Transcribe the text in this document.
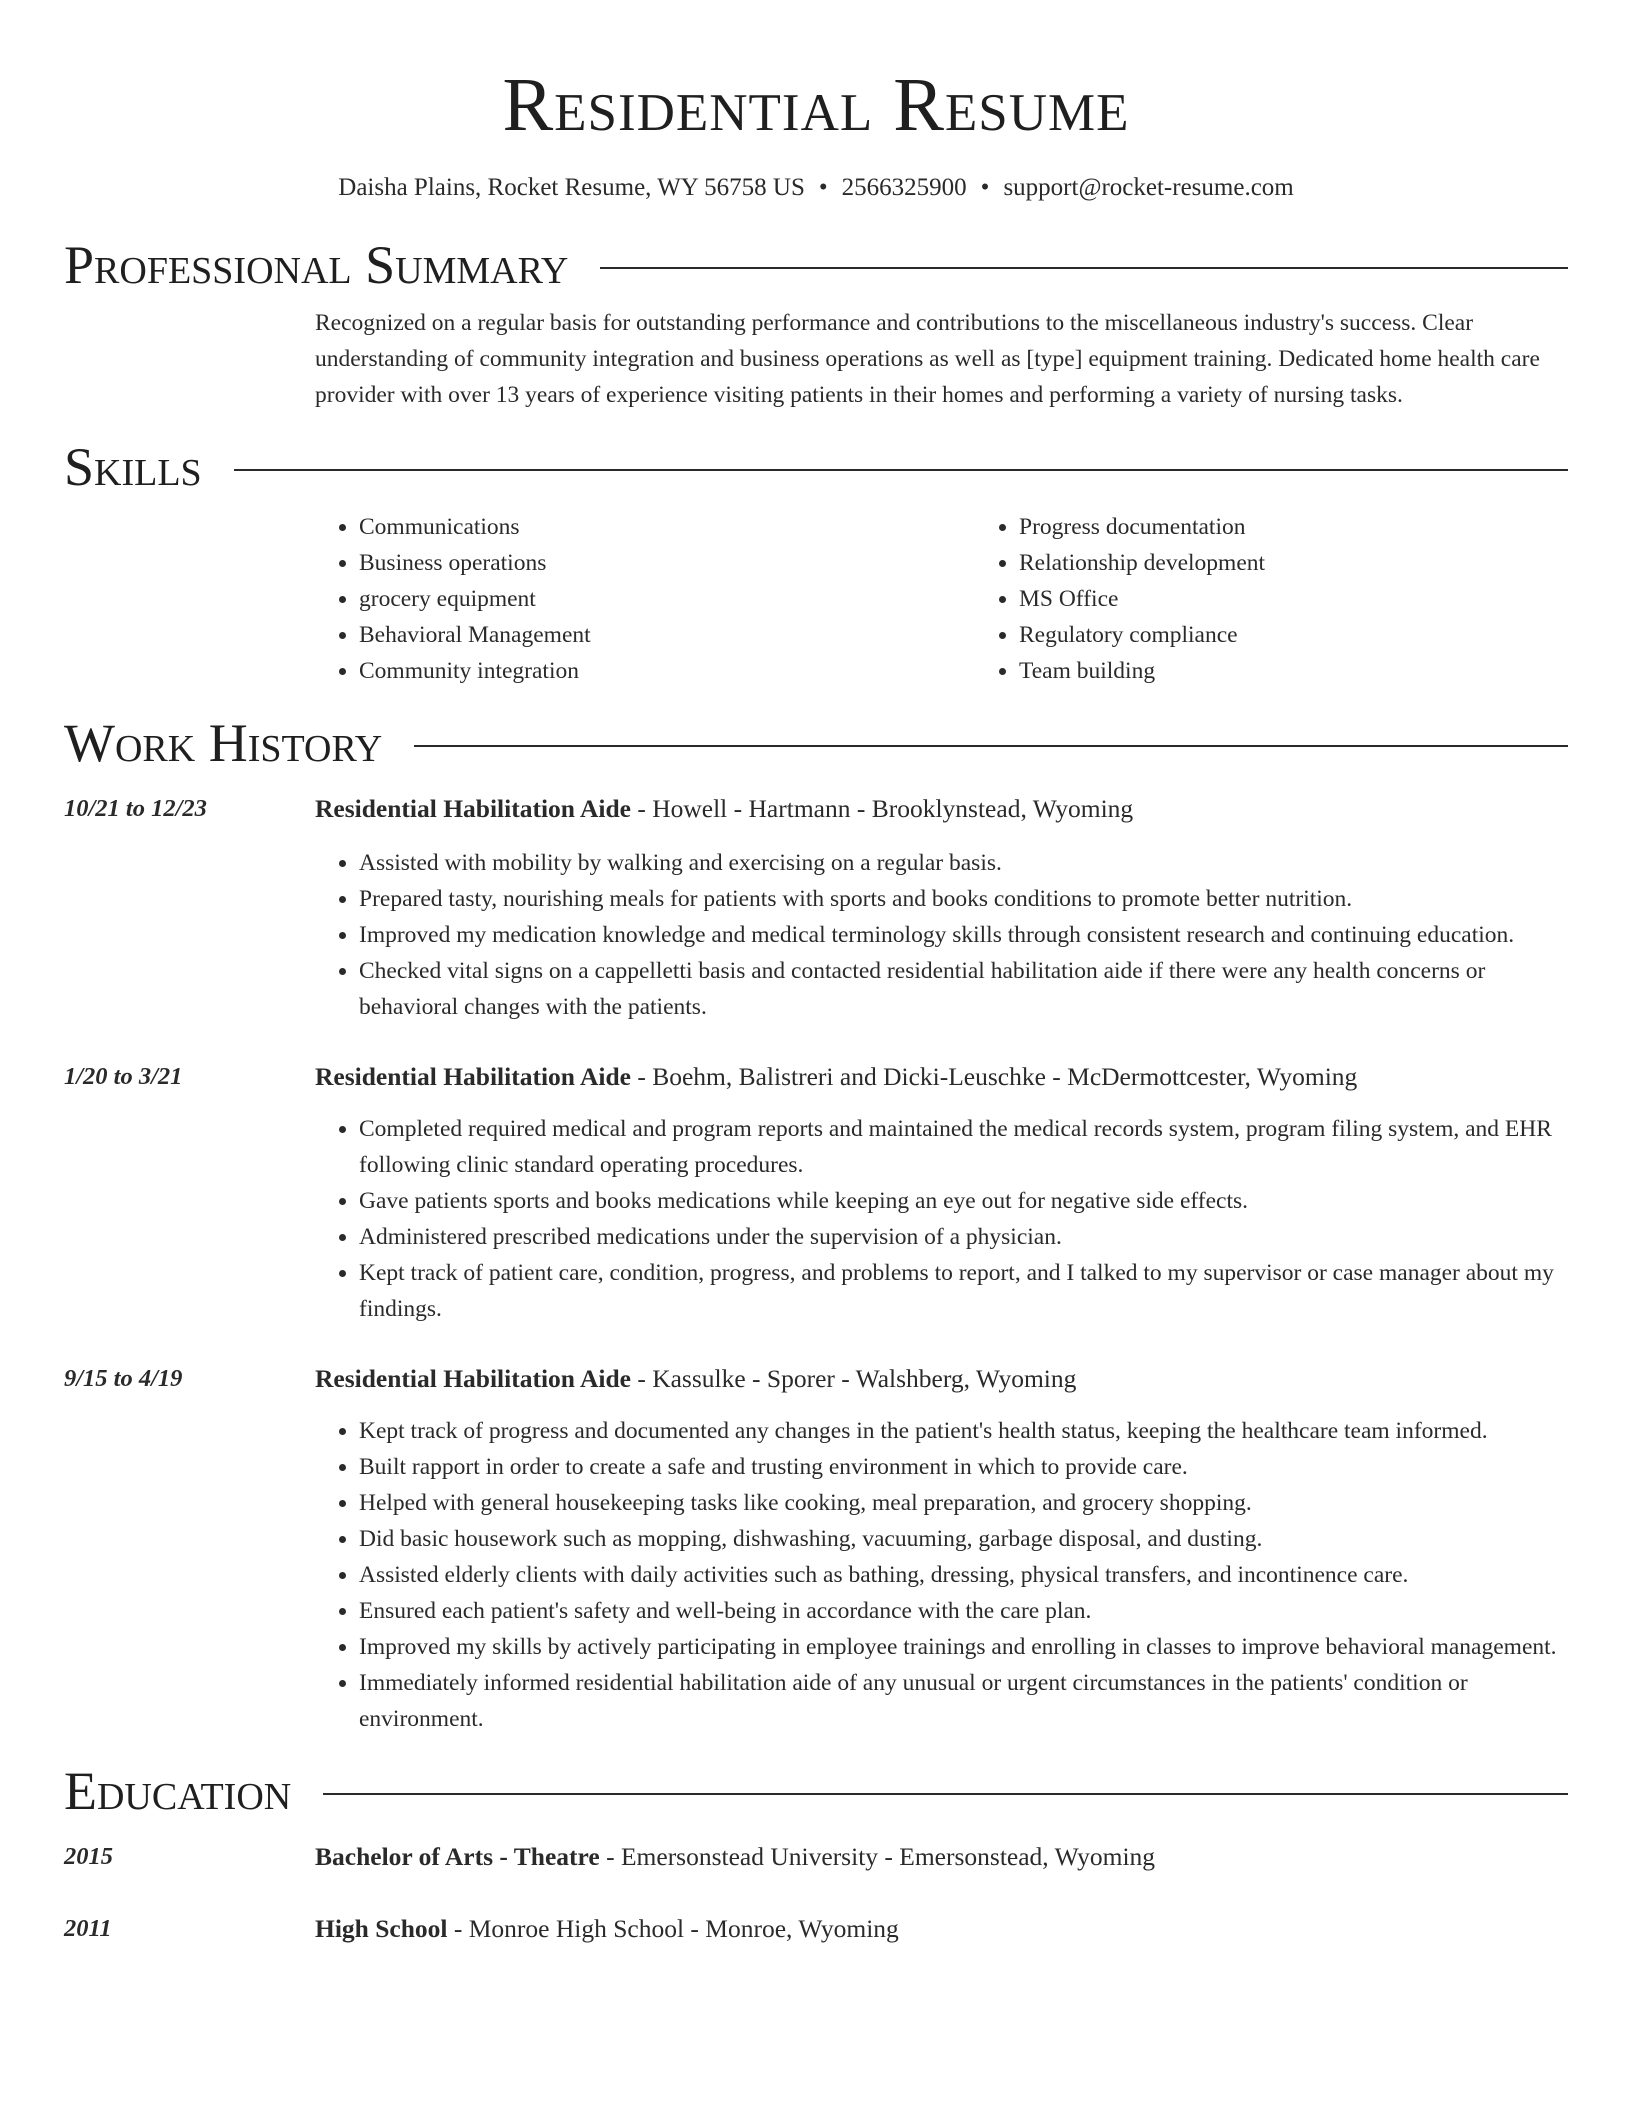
Residential Resume
Daisha Plains, Rocket Resume, WY 56758 US • 2566325900 • support@rocket-resume.com
Professional Summary

Recognized on a regular basis for outstanding performance and contributions to the miscellaneous industry's success. Clear understanding of community integration and business operations as well as [type] equipment training. Dedicated home health care provider with over 13 years of experience visiting patients in their homes and performing a variety of nursing tasks.

Skills
• Communications
• Business operations
• grocery equipment
• Behavioral Management
• Community integration
• Progress documentation
• Relationship development
• MS Office
• Regulatory compliance
• Team building
Work History
10/21 to 12/23	Residential Habilitation Aide - Howell - Hartmann - Brooklynstead, Wyoming
• Assisted with mobility by walking and exercising on a regular basis.
• Prepared tasty, nourishing meals for patients with sports and books conditions to promote better nutrition.
• Improved my medication knowledge and medical terminology skills through consistent research and continuing education.
• Checked vital signs on a cappelletti basis and contacted residential habilitation aide if there were any health concerns or behavioral changes with the patients.
1/20 to 3/21	Residential Habilitation Aide - Boehm, Balistreri and Dicki-Leuschke - McDermottcester, Wyoming
• Completed required medical and program reports and maintained the medical records system, program filing system, and EHR following clinic standard operating procedures.
• Gave patients sports and books medications while keeping an eye out for negative side effects.
• Administered prescribed medications under the supervision of a physician.
• Kept track of patient care, condition, progress, and problems to report, and I talked to my supervisor or case manager about my findings.
9/15 to 4/19	Residential Habilitation Aide - Kassulke - Sporer - Walshberg, Wyoming
• Kept track of progress and documented any changes in the patient's health status, keeping the healthcare team informed.
• Built rapport in order to create a safe and trusting environment in which to provide care.
• Helped with general housekeeping tasks like cooking, meal preparation, and grocery shopping.
• Did basic housework such as mopping, dishwashing, vacuuming, garbage disposal, and dusting.
• Assisted elderly clients with daily activities such as bathing, dressing, physical transfers, and incontinence care.
• Ensured each patient's safety and well-being in accordance with the care plan.
• Improved my skills by actively participating in employee trainings and enrolling in classes to improve behavioral management.
• Immediately informed residential habilitation aide of any unusual or urgent circumstances in the patients' condition or environment.
Education
2015	Bachelor of Arts - Theatre - Emersonstead University - Emersonstead, Wyoming
2011	High School - Monroe High School - Monroe, Wyoming
